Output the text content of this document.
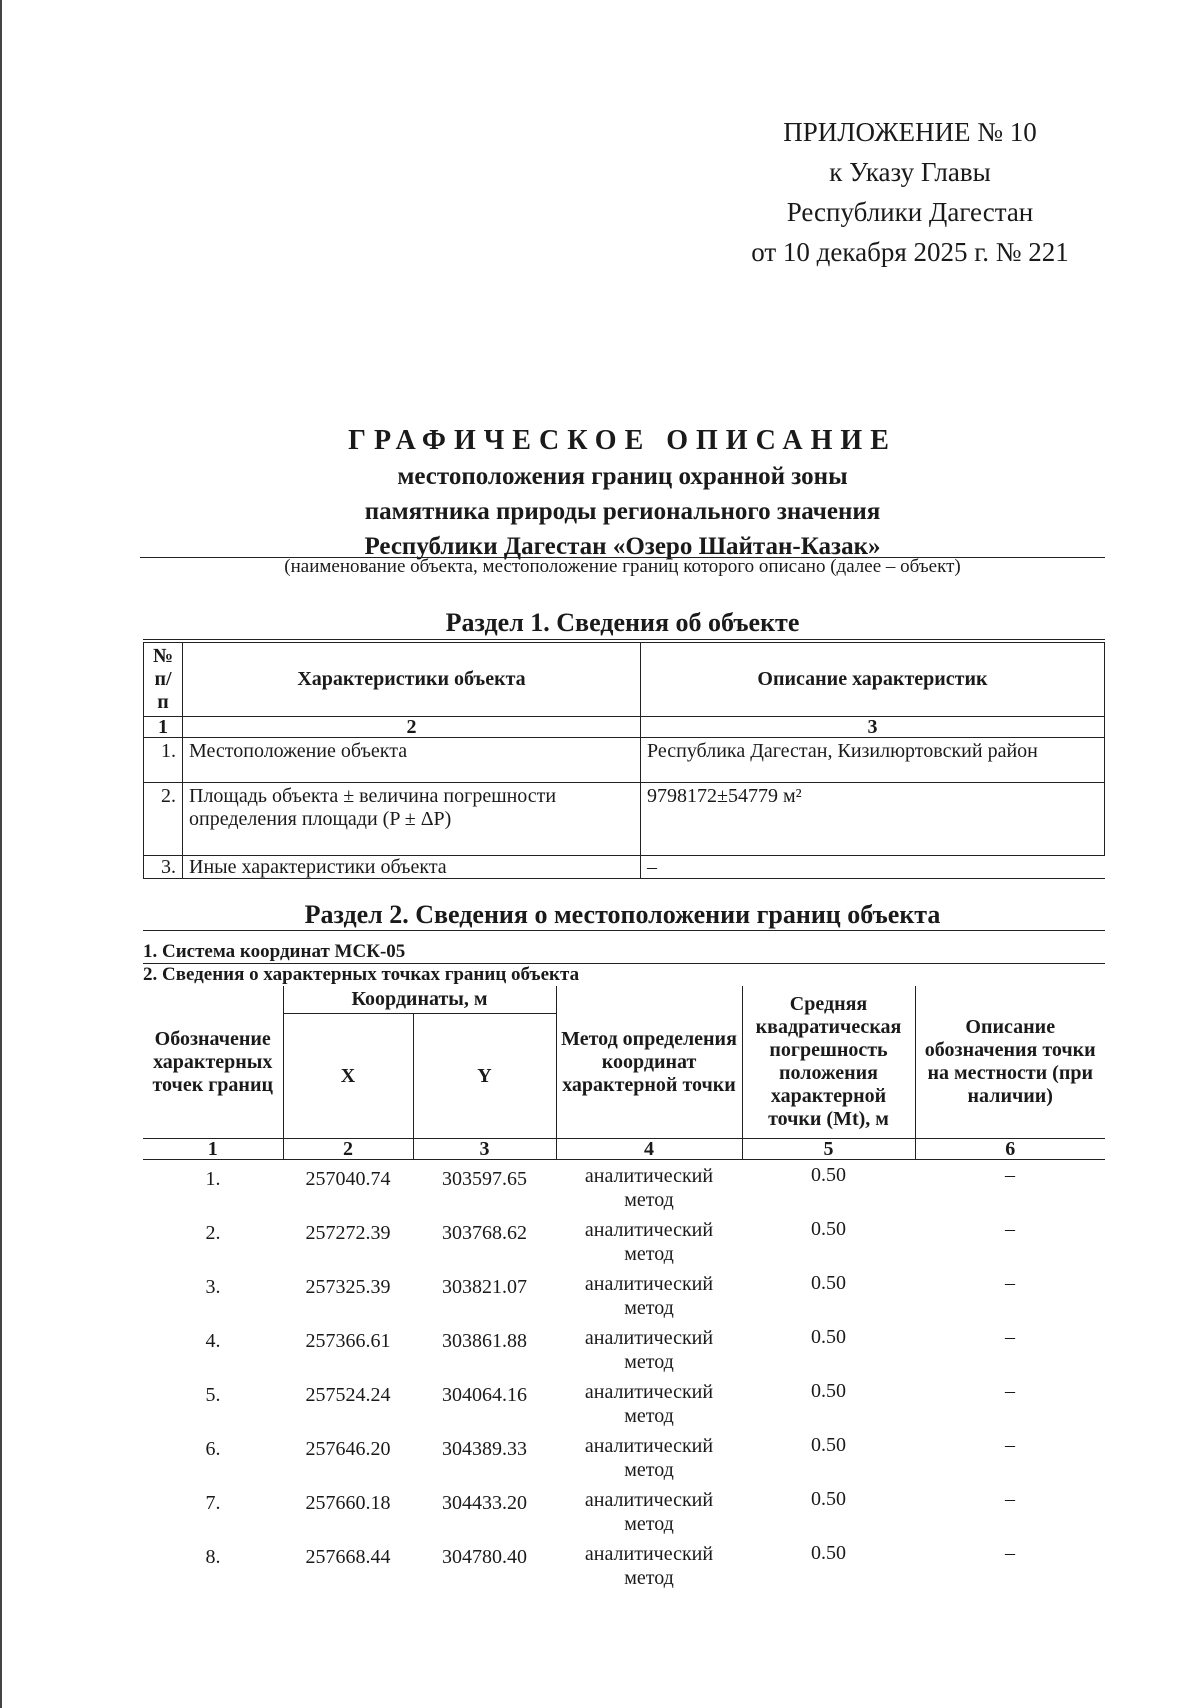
ПРИЛОЖЕНИЕ № 10
к Указу Главы
Республики Дагестан
от 10 декабря 2025 г. № 221
ГРАФИЧЕСКОЕ ОПИСАНИЕ
местоположения границ охранной зоны
памятника природы регионального значения
Республики Дагестан «Озеро Шайтан-Казак»
(наименование объекта, местоположение границ которого описано (далее – объект)
Раздел 1. Сведения об объекте
№ п/п	Характеристики объекта	Описание характеристик
1	2	3
1.	Местоположение объекта	Республика Дагестан, Кизилюртовский район
2.	Площадь объекта ± величина погрешности определения площади (P ± ΔP)	9798172±54779 м²
3.	Иные характеристики объекта	–
Раздел 2. Сведения о местоположении границ объекта
1. Система координат МСК-05
2. Сведения о характерных точках границ объекта
Обозначение характерных точек границ	Координаты, м		Метод определения координат характерной точки	Средняя квадратическая погрешность положения характерной точки (Mt), м	Описание обозначения точки на местности (при наличии)
	X	Y			
1	2	3	4	5	6
1.	257040.74	303597.65	аналитический метод	0.50	–
2.	257272.39	303768.62	аналитический метод	0.50	–
3.	257325.39	303821.07	аналитический метод	0.50	–
4.	257366.61	303861.88	аналитический метод	0.50	–
5.	257524.24	304064.16	аналитический метод	0.50	–
6.	257646.20	304389.33	аналитический метод	0.50	–
7.	257660.18	304433.20	аналитический метод	0.50	–
8.	257668.44	304780.40	аналитический метод	0.50	–
